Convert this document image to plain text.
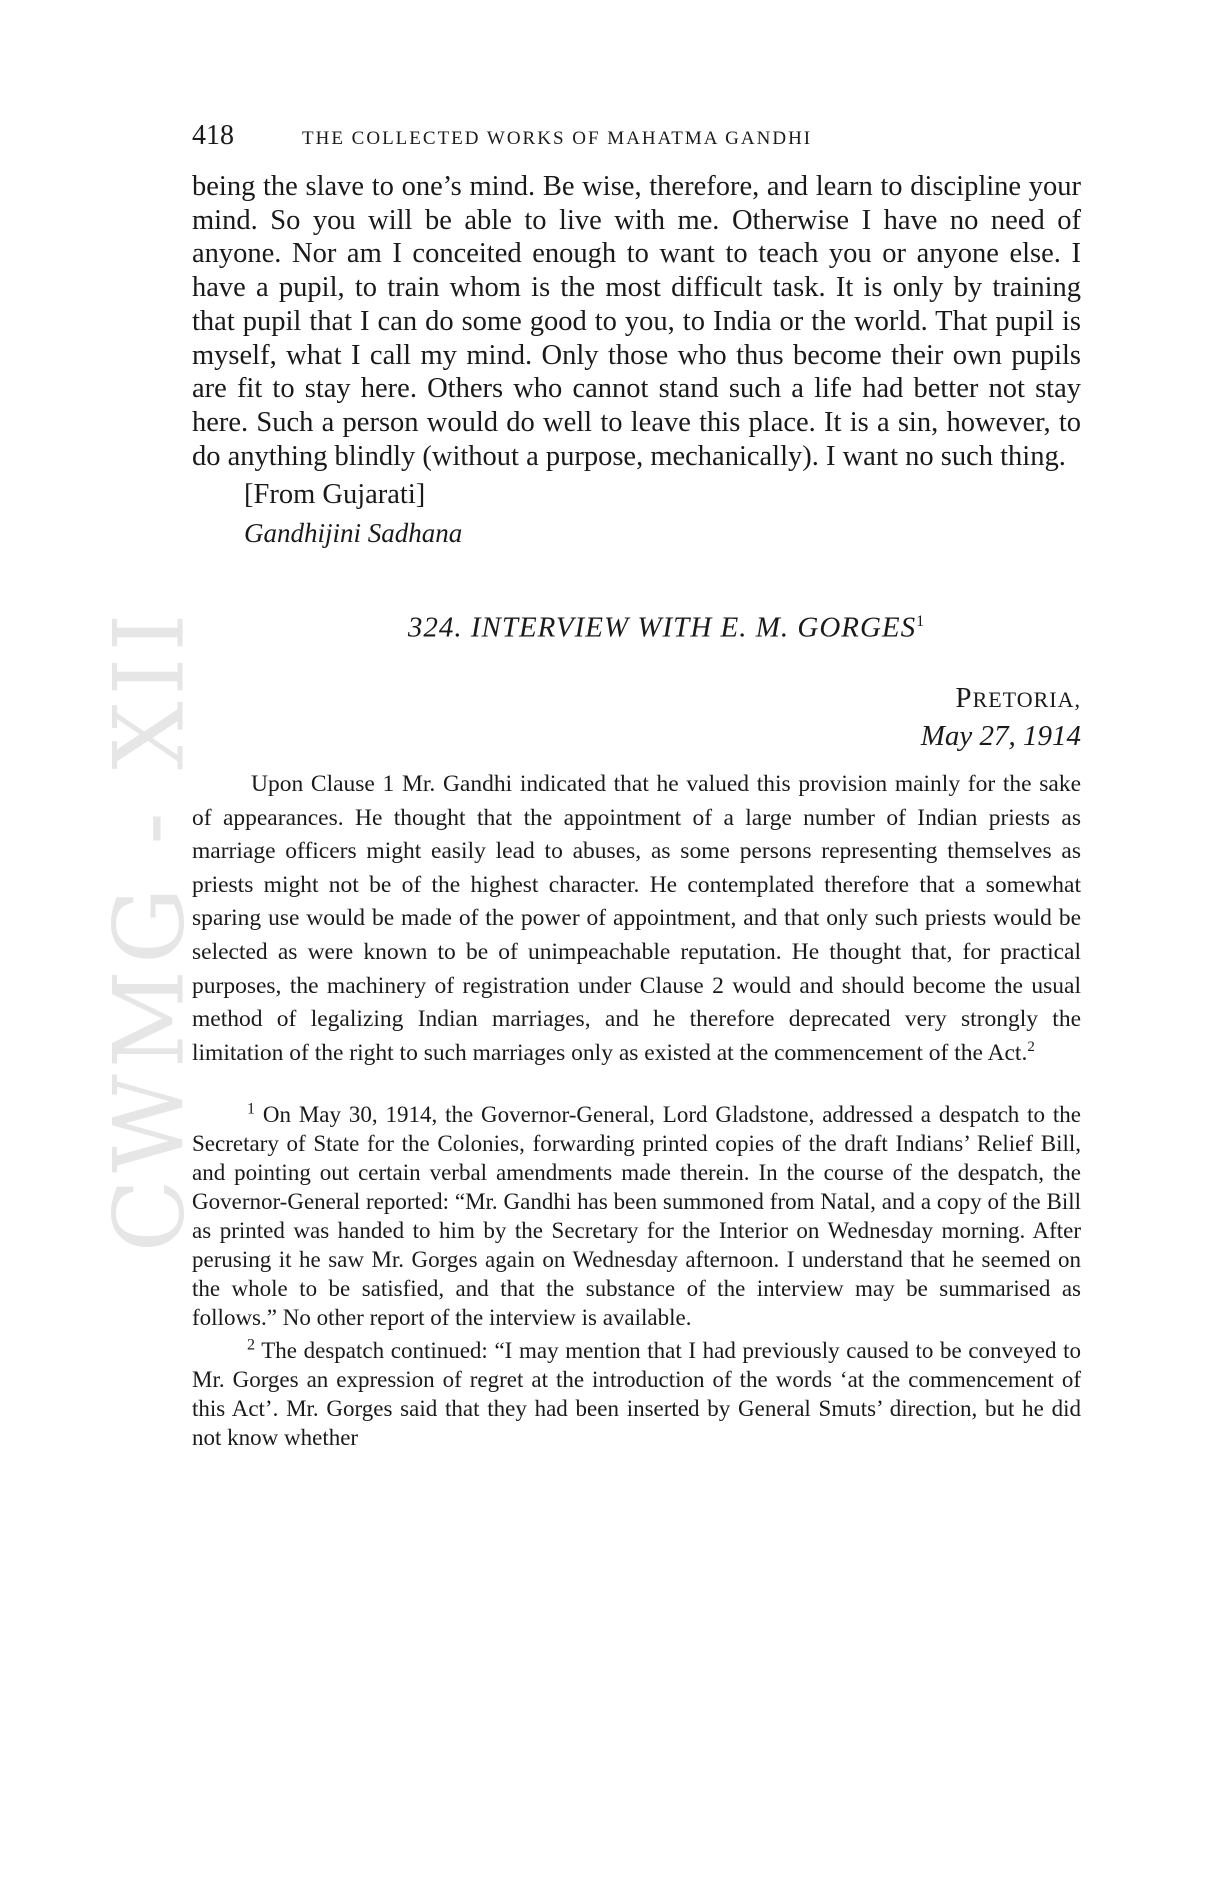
CWMG - XII
418	THE COLLECTED WORKS OF MAHATMA GANDHI

being the slave to one’s mind. Be wise, therefore, and learn to discipline your mind. So you will be able to live with me. Otherwise I have no need of anyone. Nor am I conceited enough to want to teach you or anyone else. I have a pupil, to train whom is the most difficult task. It is only by training that pupil that I can do some good to you, to India or the world. That pupil is myself, what I call my mind. Only those who thus become their own pupils are fit to stay here. Others who cannot stand such a life had better not stay here. Such a person would do well to leave this place. It is a sin, however, to do anything blindly (without a purpose, mechanically). I want no such thing.

[From Gujarati]

Gandhijini Sadhana

324. INTERVIEW WITH E. M. GORGES$^1$
PRETORIA,
May 27, 1914

Upon Clause 1 Mr. Gandhi indicated that he valued this provision mainly for the sake of appearances. He thought that the appointment of a large number of Indian priests as marriage officers might easily lead to abuses, as some persons representing themselves as priests might not be of the highest character. He contemplated therefore that a somewhat sparing use would be made of the power of appointment, and that only such priests would be selected as were known to be of unimpeachable reputation. He thought that, for practical purposes, the machinery of registration under Clause 2 would and should become the usual method of legalizing Indian marriages, and he therefore deprecated very strongly the limitation of the right to such marriages only as existed at the commencement of the Act.$^2$

$^1$ On May 30, 1914, the Governor-General, Lord Gladstone, addressed a despatch to the Secretary of State for the Colonies, forwarding printed copies of the draft Indians’ Relief Bill, and pointing out certain verbal amendments made therein. In the course of the despatch, the Governor-General reported: “Mr. Gandhi has been summoned from Natal, and a copy of the Bill as printed was handed to him by the Secretary for the Interior on Wednesday morning. After perusing it he saw Mr. Gorges again on Wednesday afternoon. I understand that he seemed on the whole to be satisfied, and that the substance of the interview may be summarised as follows.” No other report of the interview is available.

$^2$ The despatch continued: “I may mention that I had previously caused to be conveyed to Mr. Gorges an expression of regret at the introduction of the words ‘at the commencement of this Act’. Mr. Gorges said that they had been inserted by General Smuts’ direction, but he did not know whether
